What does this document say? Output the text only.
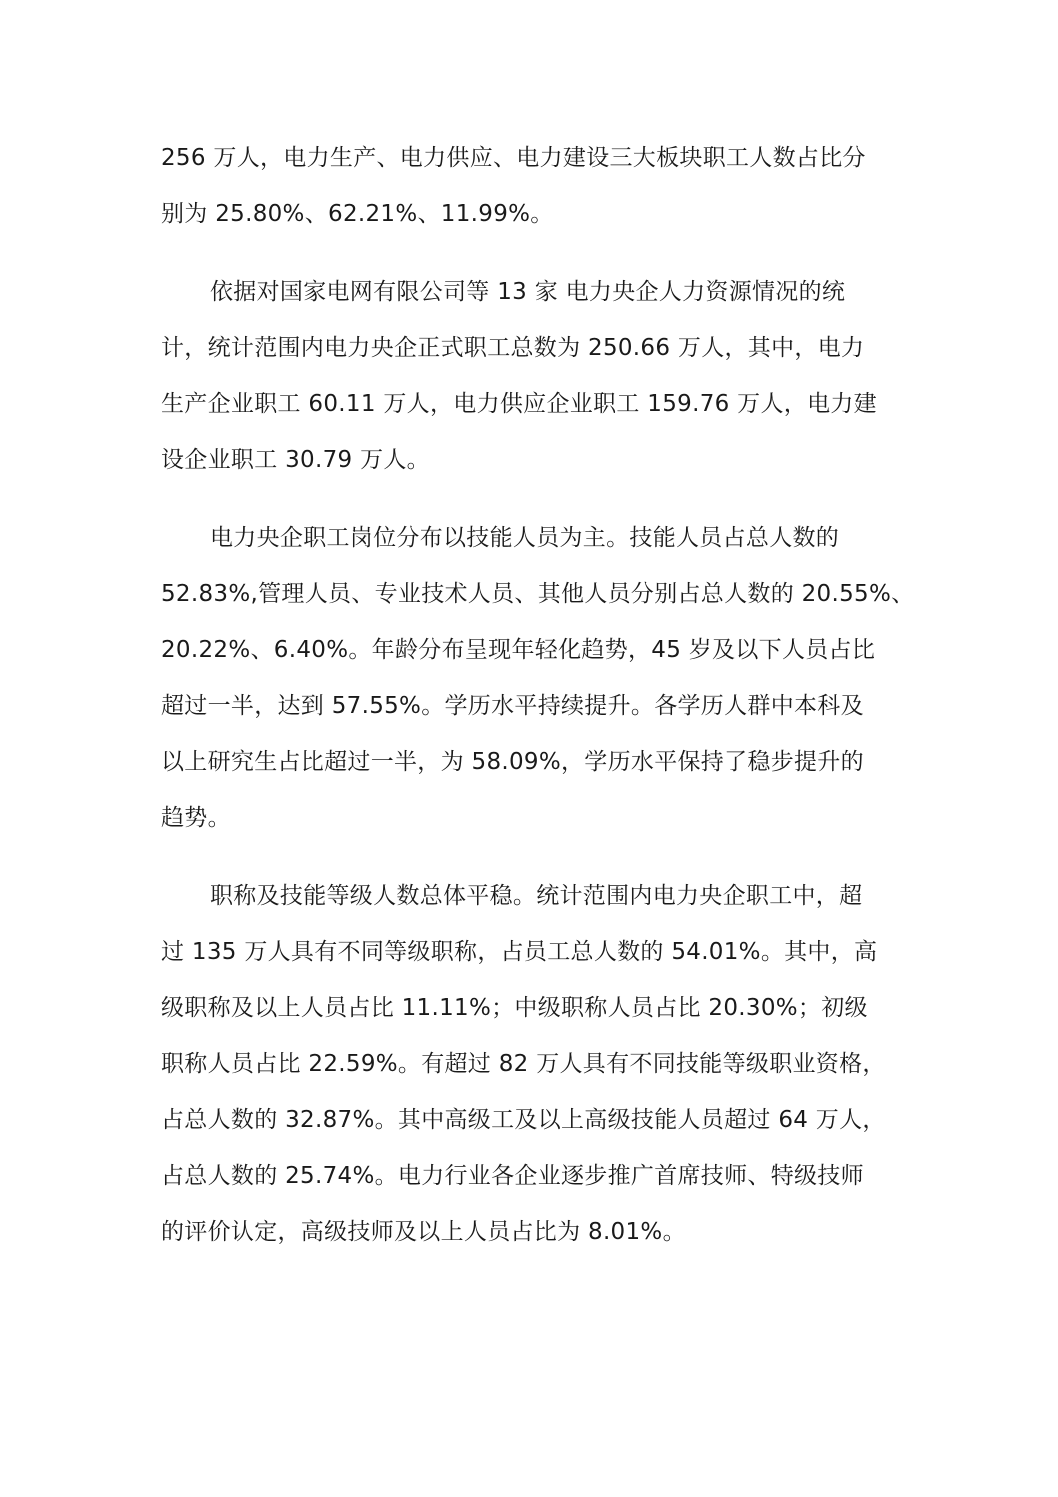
256 万人，电力生产、电力供应、电力建设三大板块职工人数占比分
别为 25.80%、62.21%、11.99%。
依据对国家电网有限公司等 13 家 电力央企人力资源情况的统
计，统计范围内电力央企正式职工总数为 250.66 万人，其中，电力
生产企业职工 60.11 万人，电力供应企业职工 159.76 万人，电力建
设企业职工 30.79 万人。
电力央企职工岗位分布以技能人员为主。技能人员占总人数的
52.83%,管理人员、专业技术人员、其他人员分别占总人数的 20.55%、
20.22%、6.40%。年龄分布呈现年轻化趋势，45 岁及以下人员占比
超过一半，达到 57.55%。学历水平持续提升。各学历人群中本科及
以上研究生占比超过一半，为 58.09%，学历水平保持了稳步提升的
趋势。
职称及技能等级人数总体平稳。统计范围内电力央企职工中，超
过 135 万人具有不同等级职称，占员工总人数的 54.01%。其中，高
级职称及以上人员占比 11.11%；中级职称人员占比 20.30%；初级
职称人员占比 22.59%。有超过 82 万人具有不同技能等级职业资格，
占总人数的 32.87%。其中高级工及以上高级技能人员超过 64 万人，
占总人数的 25.74%。电力行业各企业逐步推广首席技师、特级技师
的评价认定，高级技师及以上人员占比为 8.01%。
